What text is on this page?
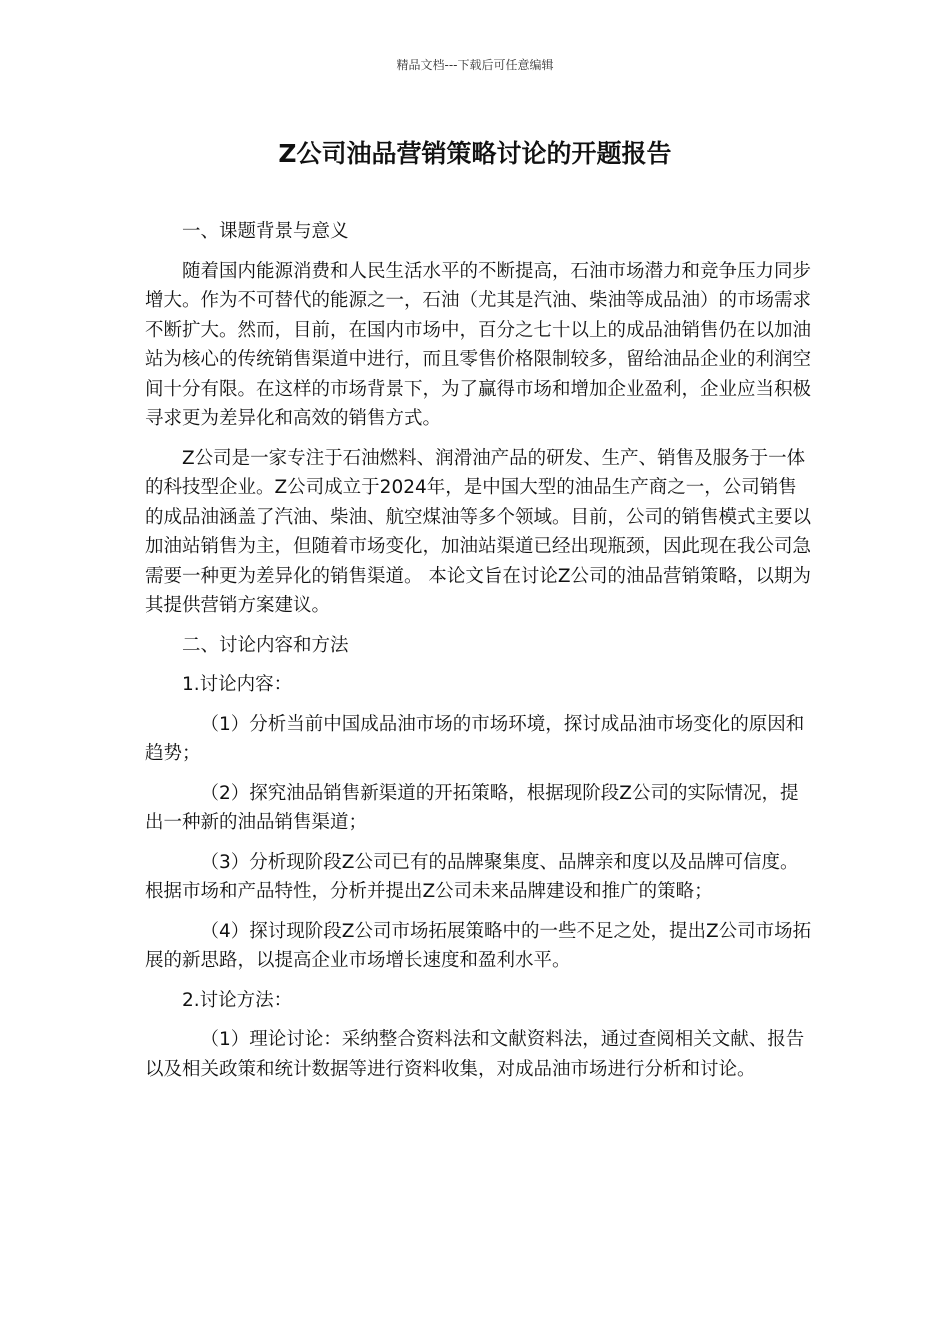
精品文档---下载后可任意编辑
Z公司油品营销策略讨论的开题报告

一、课题背景与意义

随着国内能源消费和人民生活水平的不断提高，石油市场潜力和竞争压力同步增大。作为不可替代的能源之一，石油（尤其是汽油、柴油等成品油）的市场需求不断扩大。然而，目前，在国内市场中，百分之七十以上的成品油销售仍在以加油站为核心的传统销售渠道中进行，而且零售价格限制较多，留给油品企业的利润空间十分有限。在这样的市场背景下，为了赢得市场和增加企业盈利，企业应当积极寻求更为差异化和高效的销售方式。

Z公司是一家专注于石油燃料、润滑油产品的研发、生产、销售及服务于一体的科技型企业。Z公司成立于2024年，是中国大型的油品生产商之一，公司销售的成品油涵盖了汽油、柴油、航空煤油等多个领域。目前，公司的销售模式主要以加油站销售为主，但随着市场变化，加油站渠道已经出现瓶颈，因此现在我公司急需要一种更为差异化的销售渠道。 本论文旨在讨论Z公司的油品营销策略，以期为其提供营销方案建议。

二、讨论内容和方法

1.讨论内容：

（1）分析当前中国成品油市场的市场环境，探讨成品油市场变化的原因和趋势；

（2）探究油品销售新渠道的开拓策略，根据现阶段Z公司的实际情况，提出一种新的油品销售渠道；

（3）分析现阶段Z公司已有的品牌聚集度、品牌亲和度以及品牌可信度。根据市场和产品特性，分析并提出Z公司未来品牌建设和推广的策略；

（4）探讨现阶段Z公司市场拓展策略中的一些不足之处，提出Z公司市场拓展的新思路，以提高企业市场增长速度和盈利水平。

2.讨论方法：

（1）理论讨论：采纳整合资料法和文献资料法，通过查阅相关文献、报告以及相关政策和统计数据等进行资料收集，对成品油市场进行分析和讨论。
